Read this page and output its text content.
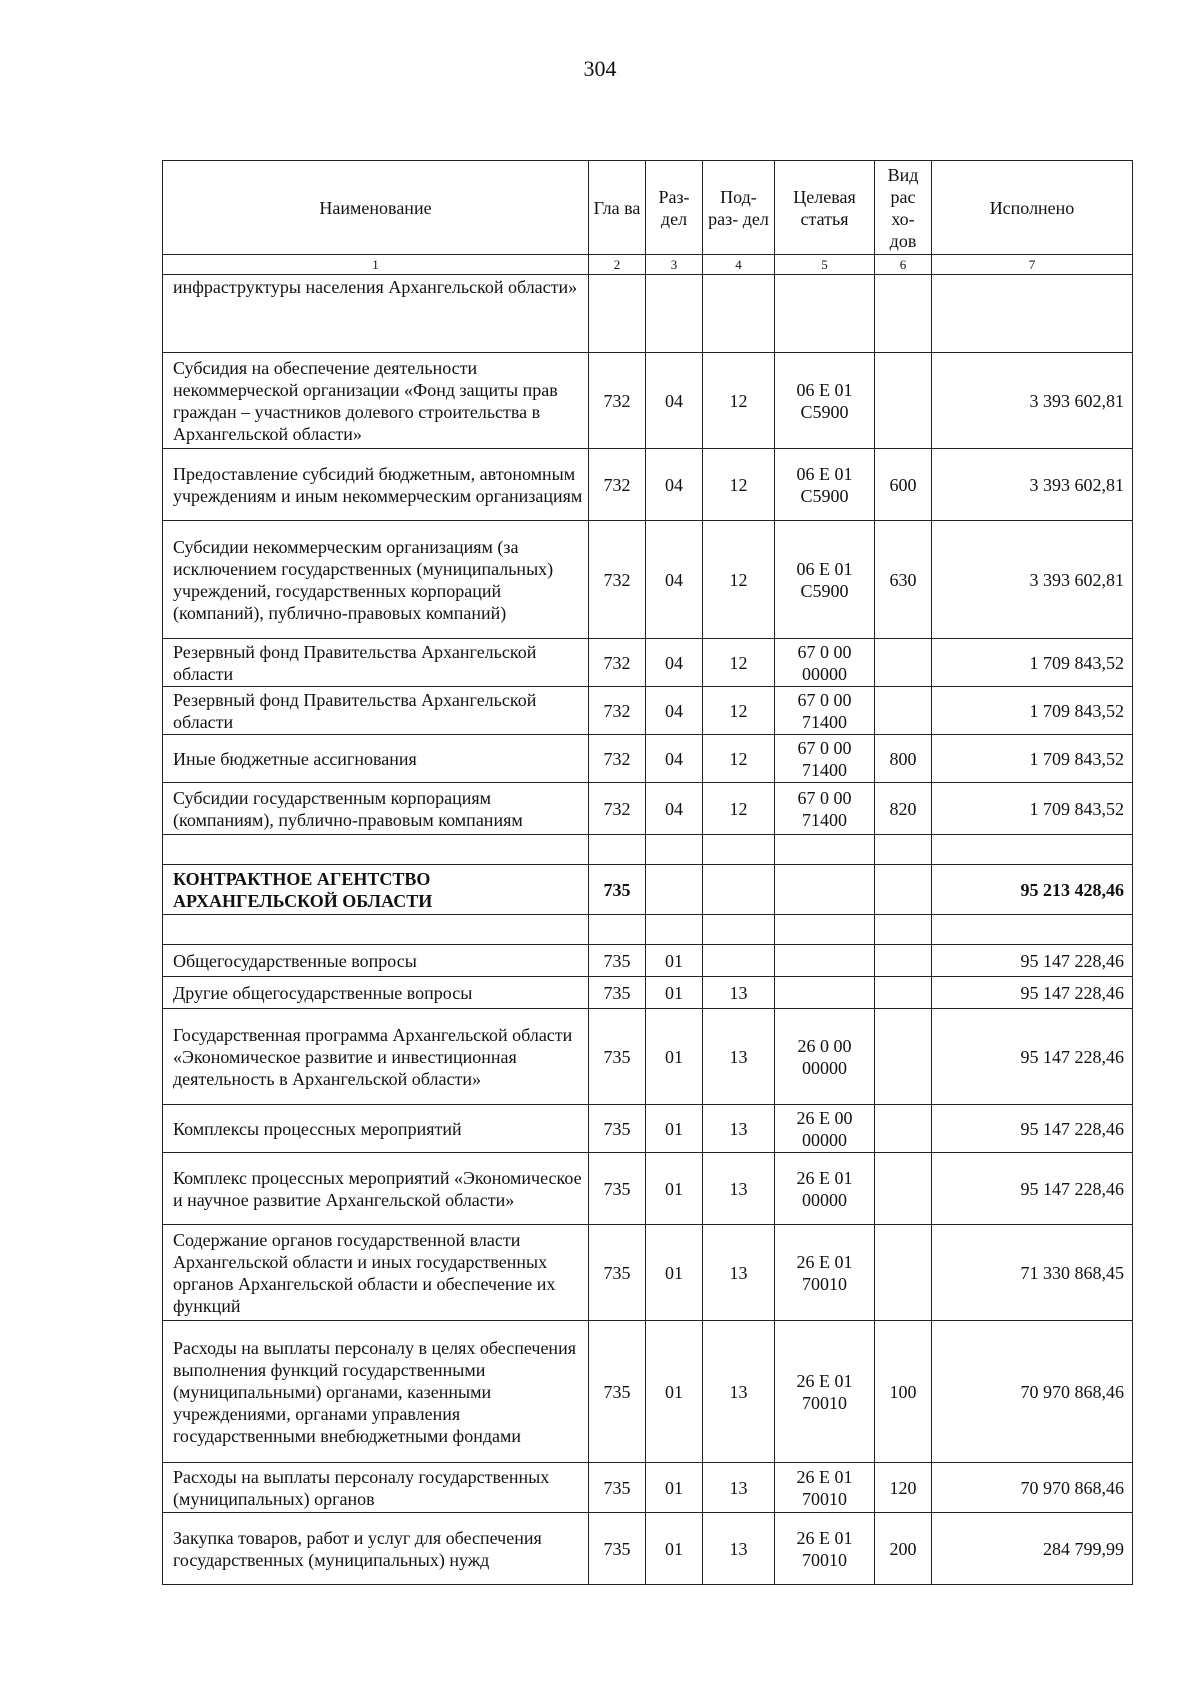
304
Наименование	Гла ва	Раз- дел	Под- раз- дел	Целевая статья	Вид рас хо- дов	Исполнено
1	2	3	4	5	6	7
инфраструктуры населения Архангельской области»						
Субсидия на обеспечение деятельности некоммерческой организации «Фонд защиты прав граждан – участников долевого строительства в Архангельской области»	732	04	12	06 Е 01 С5900		3 393 602,81
Предоставление субсидий бюджетным, автономным учреждениям и иным некоммерческим организациям	732	04	12	06 Е 01 С5900	600	3 393 602,81
Субсидии некоммерческим организациям (за исключением государственных (муниципальных) учреждений, государственных корпораций (компаний), публично-правовых компаний)	732	04	12	06 Е 01 С5900	630	3 393 602,81
Резервный фонд Правительства Архангельской области	732	04	12	67 0 00 00000		1 709 843,52
Резервный фонд Правительства Архангельской области	732	04	12	67 0 00 71400		1 709 843,52
Иные бюджетные ассигнования	732	04	12	67 0 00 71400	800	1 709 843,52
Субсидии государственным корпорациям (компаниям), публично-правовым компаниям	732	04	12	67 0 00 71400	820	1 709 843,52

КОНТРАКТНОЕ АГЕНТСТВО АРХАНГЕЛЬСКОЙ ОБЛАСТИ	735					95 213 428,46

Общегосударственные вопросы	735	01				95 147 228,46
Другие общегосударственные вопросы	735	01	13			95 147 228,46
Государственная программа Архангельской области «Экономическое развитие и инвестиционная деятельность в Архангельской области»	735	01	13	26 0 00 00000		95 147 228,46
Комплексы процессных мероприятий	735	01	13	26 Е 00 00000		95 147 228,46
Комплекс процессных мероприятий «Экономическое и научное развитие Архангельской области»	735	01	13	26 Е 01 00000		95 147 228,46
Содержание органов государственной власти Архангельской области и иных государственных органов Архангельской области и обеспечение их функций	735	01	13	26 Е 01 70010		71 330 868,45
Расходы на выплаты персоналу в целях обеспечения выполнения функций государственными (муниципальными) органами, казенными учреждениями, органами управления государственными внебюджетными фондами	735	01	13	26 Е 01 70010	100	70 970 868,46
Расходы на выплаты персоналу государственных (муниципальных) органов	735	01	13	26 Е 01 70010	120	70 970 868,46
Закупка товаров, работ и услуг для обеспечения государственных (муниципальных) нужд	735	01	13	26 Е 01 70010	200	284 799,99
